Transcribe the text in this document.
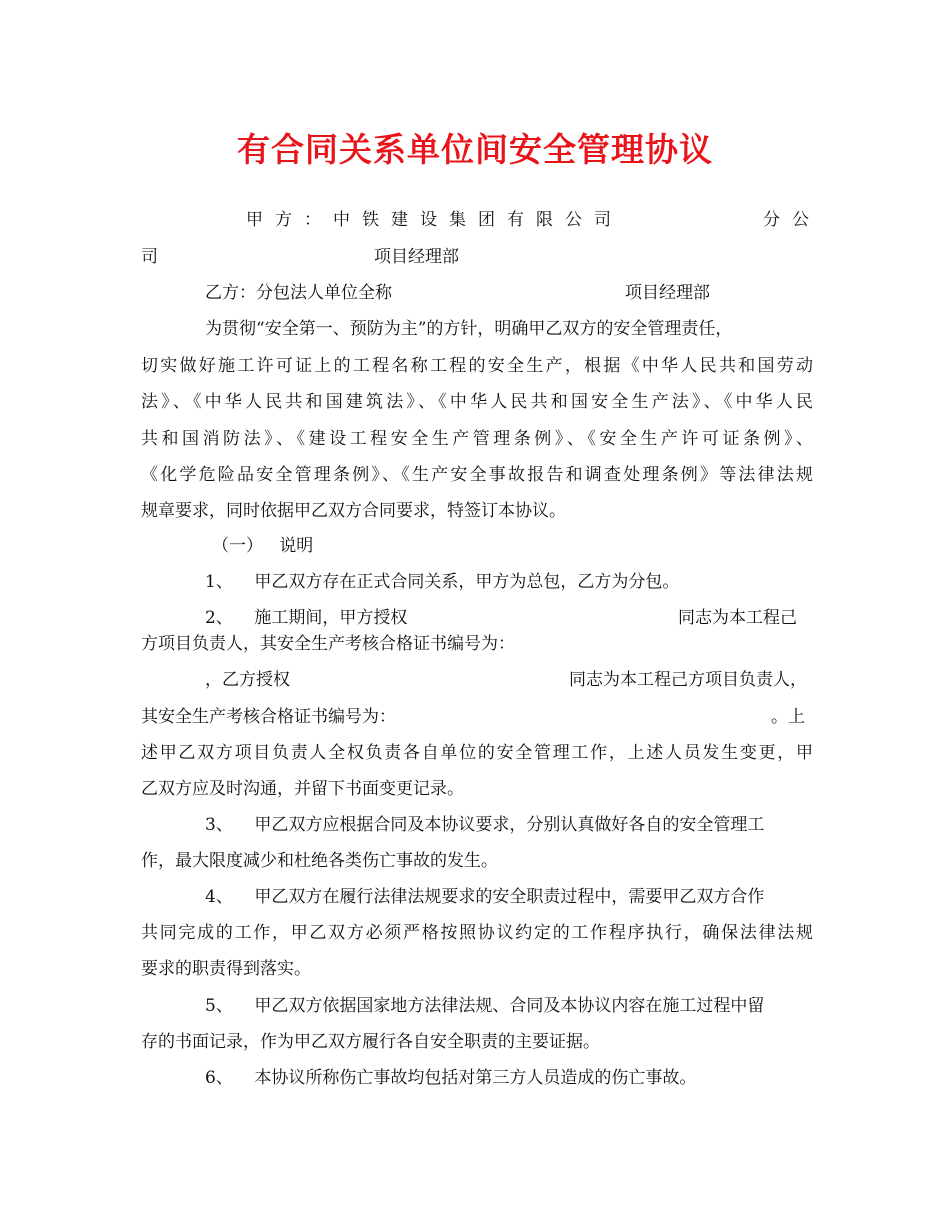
有合同关系单位间安全管理协议
甲方：中铁建设集团有限公司	分公
司	项目经理部
乙方：分包法人单位全称	项目经理部
为贯彻“安全第一、预防为主”的方针，明确甲乙双方的安全管理责任，
切实做好施工许可证上的工程名称工程的安全生产，根据《中华人民共和国劳动
法》、《中华人民共和国建筑法》、《中华人民共和国安全生产法》、《中华人民
共和国消防法》、《建设工程安全生产管理条例》、《安全生产许可证条例》、
《化学危险品安全管理条例》、《生产安全事故报告和调查处理条例》等法律法规
规章要求，同时依据甲乙双方合同要求，特签订本协议。
（一）   说明
1、    甲乙双方存在正式合同关系，甲方为总包，乙方为分包。
2、    施工期间，甲方授权	同志为本工程己
方项目负责人，其安全生产考核合格证书编号为：
，乙方授权	同志为本工程己方项目负责人，
其安全生产考核合格证书编号为：	。上
述甲乙双方项目负责人全权负责各自单位的安全管理工作，上述人员发生变更，甲
乙双方应及时沟通，并留下书面变更记录。
3、    甲乙双方应根据合同及本协议要求，分别认真做好各自的安全管理工
作，最大限度减少和杜绝各类伤亡事故的发生。
4、    甲乙双方在履行法律法规要求的安全职责过程中，需要甲乙双方合作
共同完成的工作，甲乙双方必须严格按照协议约定的工作程序执行，确保法律法规
要求的职责得到落实。
5、    甲乙双方依据国家地方法律法规、合同及本协议内容在施工过程中留
存的书面记录，作为甲乙双方履行各自安全职责的主要证据。
6、    本协议所称伤亡事故均包括对第三方人员造成的伤亡事故。
